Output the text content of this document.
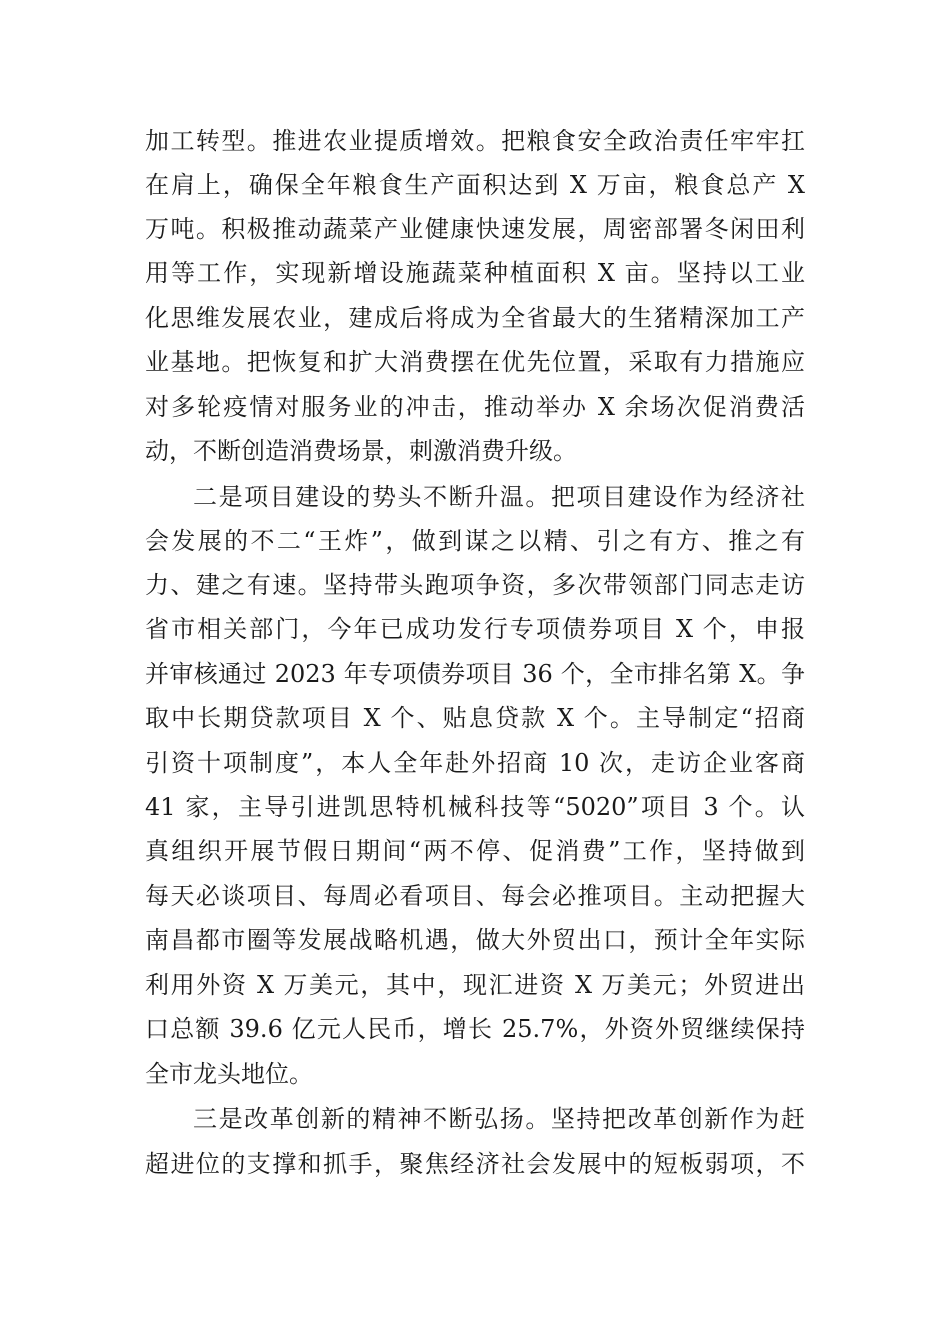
加工转型。推进农业提质增效。把粮食安全政治责任牢牢扛
在肩上，确保全年粮食生产面积达到 X 万亩，粮食总产 X
万吨。积极推动蔬菜产业健康快速发展，周密部署冬闲田利
用等工作，实现新增设施蔬菜种植面积 X 亩。坚持以工业
化思维发展农业，建成后将成为全省最大的生猪精深加工产
业基地。把恢复和扩大消费摆在优先位置，采取有力措施应
对多轮疫情对服务业的冲击，推动举办 X 余场次促消费活
动，不断创造消费场景，刺激消费升级。
二是项目建设的势头不断升温。把项目建设作为经济社
会发展的不二“王炸”，做到谋之以精、引之有方、推之有
力、建之有速。坚持带头跑项争资，多次带领部门同志走访
省市相关部门，今年已成功发行专项债券项目 X 个，申报
并审核通过 2023 年专项债券项目 36 个，全市排名第 X。争
取中长期贷款项目 X 个、贴息贷款 X 个。主导制定“招商
引资十项制度”，本人全年赴外招商 10 次，走访企业客商
41 家，主导引进凯思特机械科技等“5020”项目 3 个。认
真组织开展节假日期间“两不停、促消费”工作，坚持做到
每天必谈项目、每周必看项目、每会必推项目。主动把握大
南昌都市圈等发展战略机遇，做大外贸出口，预计全年实际
利用外资 X 万美元，其中，现汇进资 X 万美元；外贸进出
口总额 39.6 亿元人民币，增长 25.7%，外资外贸继续保持
全市龙头地位。
三是改革创新的精神不断弘扬。坚持把改革创新作为赶
超进位的支撑和抓手，聚焦经济社会发展中的短板弱项，不
